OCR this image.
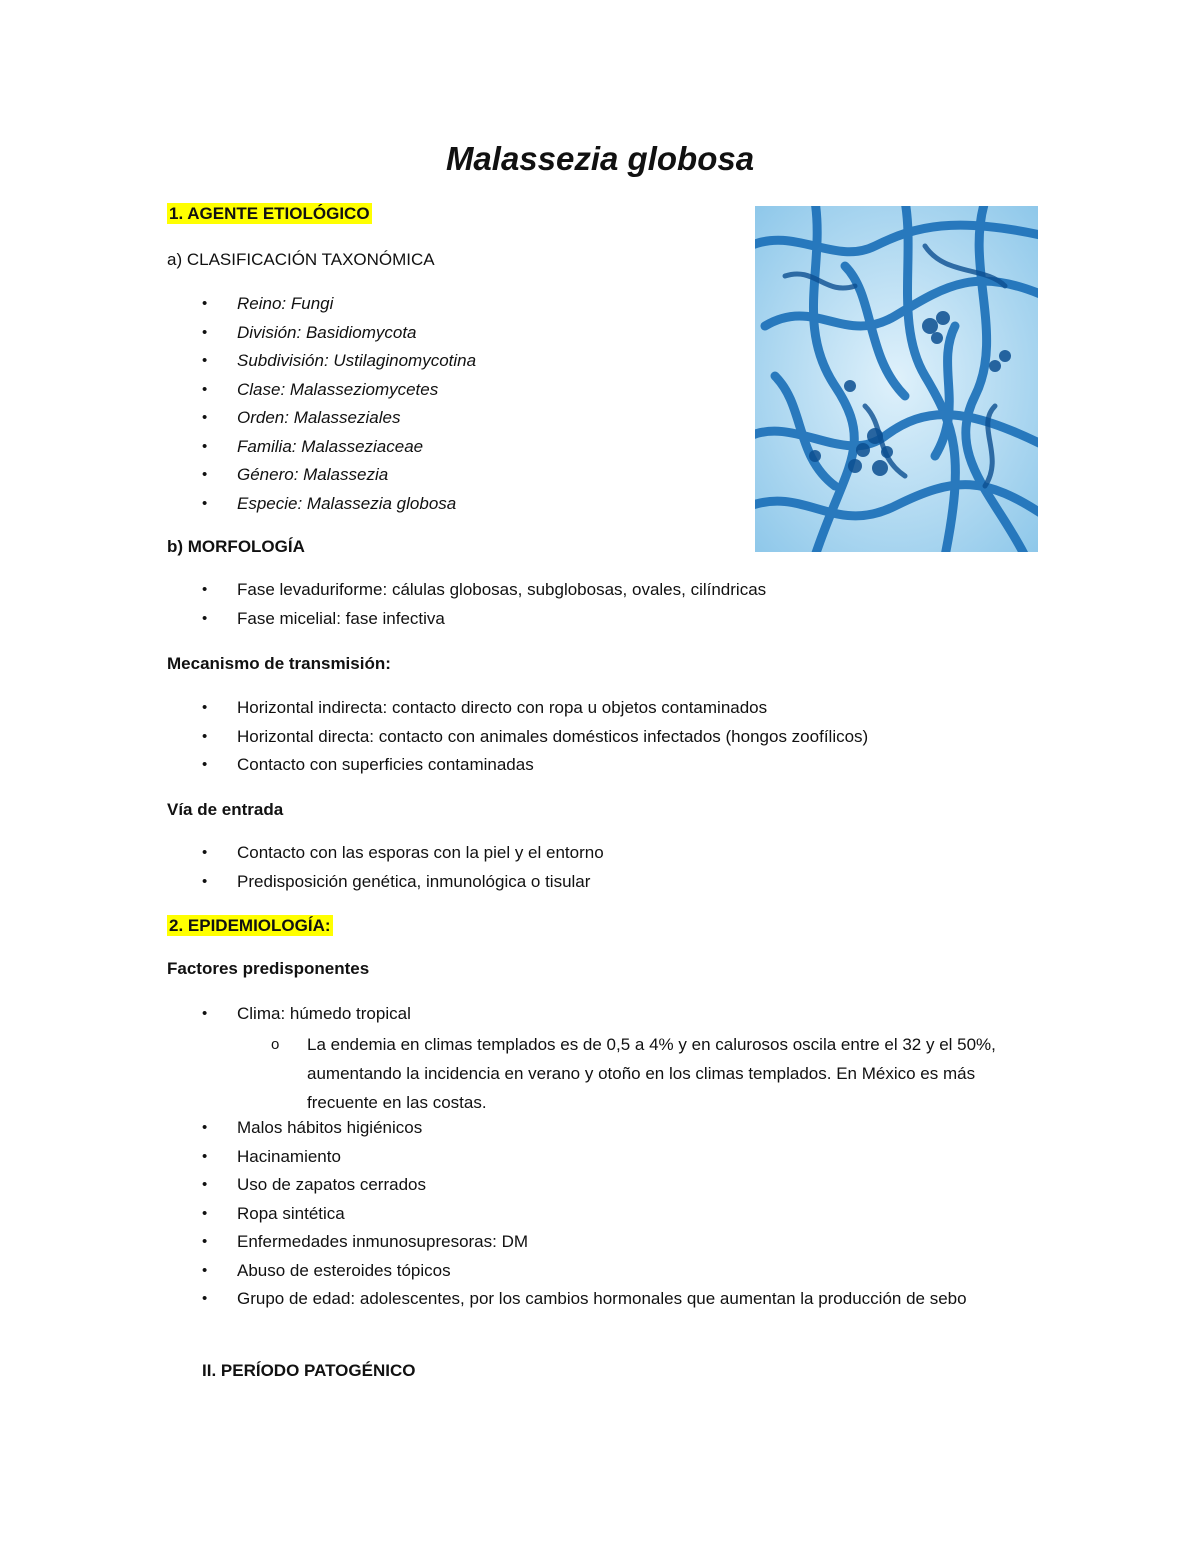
Malassezia globosa

1. AGENTE ETIOLÓGICO

a) CLASIFICACIÓN TAXONÓMICA

• Reino: Fungi
• División: Basidiomycota
• Subdivisión: Ustilaginomycotina
• Clase: Malasseziomycetes
• Orden: Malasseziales
• Familia: Malasseziaceae
• Género: Malassezia
• Especie: Malassezia globosa

b) MORFOLOGÍA

• Fase levaduriforme: cálulas globosas, subglobosas, ovales, cilíndricas
• Fase micelial: fase infectiva

Mecanismo de transmisión:

• Horizontal indirecta: contacto directo con ropa u objetos contaminados
• Horizontal directa: contacto con animales domésticos infectados (hongos zoofílicos)
• Contacto con superficies contaminadas

Vía de entrada

• Contacto con las esporas con la piel y el entorno
• Predisposición genética, inmunológica o tisular

2. EPIDEMIOLOGÍA:

Factores predisponentes

• Clima: húmedo tropical

o La endemia en climas templados es de 0,5 a 4% y en calurosos oscila entre el 32 y el 50%, aumentando la incidencia en verano y otoño en los climas templados. En México es más frecuente en las costas.

• Malos hábitos higiénicos
• Hacinamiento
• Uso de zapatos cerrados
• Ropa sintética
• Enfermedades inmunosupresoras: DM
• Abuso de esteroides tópicos
• Grupo de edad: adolescentes, por los cambios hormonales que aumentan la producción de sebo

II. PERÍODO PATOGÉNICO
